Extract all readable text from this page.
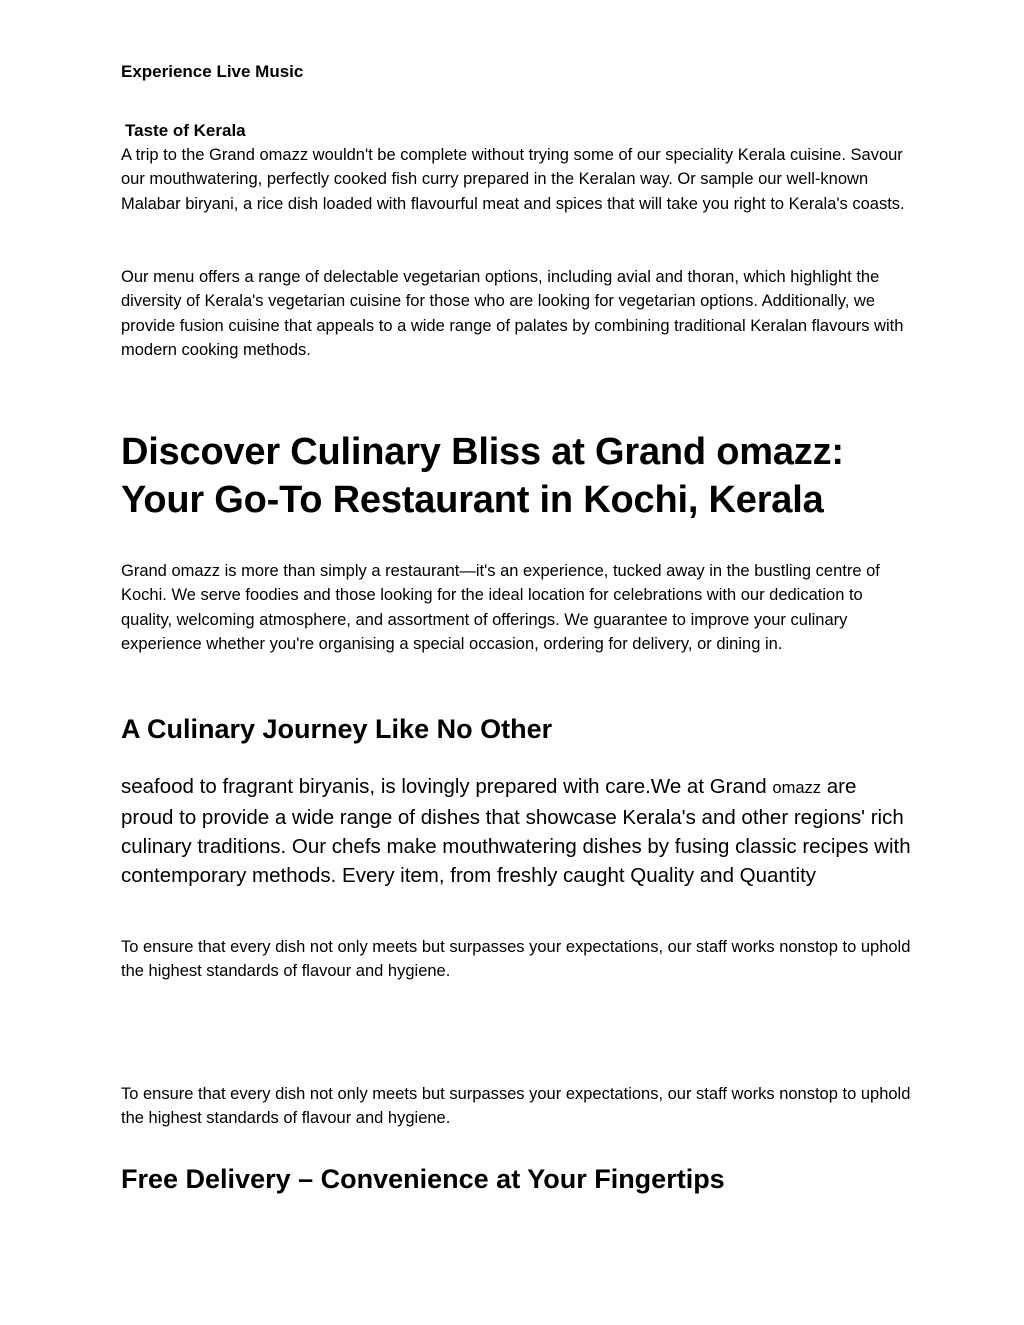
Experience Live Music
Taste of Kerala

A trip to the Grand omazz wouldn't be complete without trying some of our speciality Kerala cuisine. Savour our mouthwatering, perfectly cooked fish curry prepared in the Keralan way. Or sample our well-known Malabar biryani, a rice dish loaded with flavourful meat and spices that will take you right to Kerala's coasts.

Our menu offers a range of delectable vegetarian options, including avial and thoran, which highlight the diversity of Kerala's vegetarian cuisine for those who are looking for vegetarian options. Additionally, we provide fusion cuisine that appeals to a wide range of palates by combining traditional Keralan flavours with modern cooking methods.

Discover Culinary Bliss at Grand omazz: Your Go-To Restaurant in Kochi, Kerala

Grand omazz is more than simply a restaurant—it's an experience, tucked away in the bustling centre of Kochi. We serve foodies and those looking for the ideal location for celebrations with our dedication to quality, welcoming atmosphere, and assortment of offerings. We guarantee to improve your culinary experience whether you're organising a special occasion, ordering for delivery, or dining in.

A Culinary Journey Like No Other

seafood to fragrant biryanis, is lovingly prepared with care.We at Grand omazz are proud to provide a wide range of dishes that showcase Kerala's and other regions' rich culinary traditions. Our chefs make mouthwatering dishes by fusing classic recipes with contemporary methods. Every item, from freshly caught Quality and Quantity

To ensure that every dish not only meets but surpasses your expectations, our staff works nonstop to uphold the highest standards of flavour and hygiene.

To ensure that every dish not only meets but surpasses your expectations, our staff works nonstop to uphold the highest standards of flavour and hygiene.

Free Delivery – Convenience at Your Fingertips
